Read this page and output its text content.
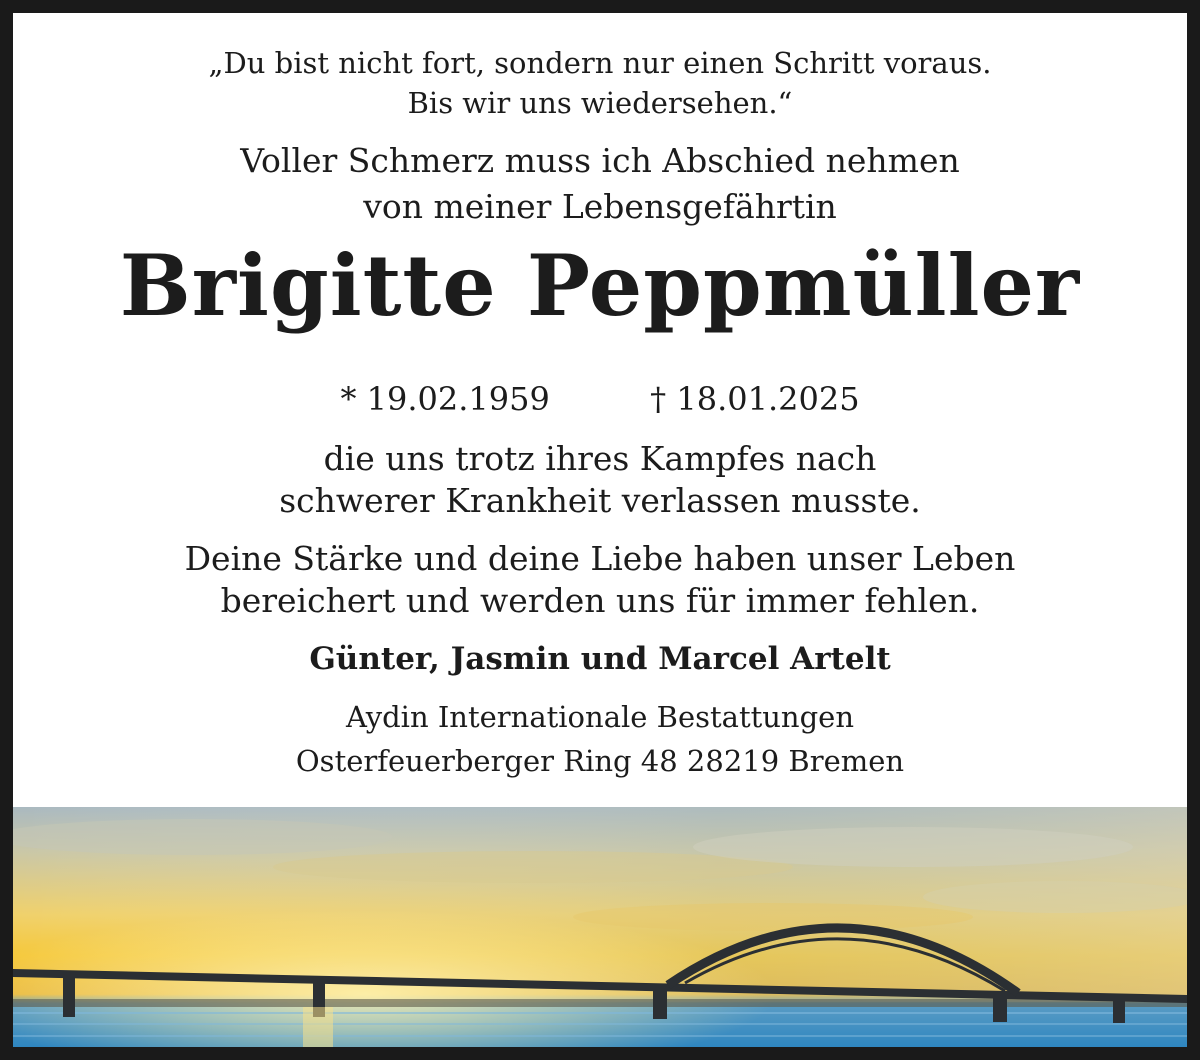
„Du bist nicht fort, sondern nur einen Schritt voraus.
Bis wir uns wiedersehen.“
Voller Schmerz muss ich Abschied nehmen
von meiner Lebensgefährtin
Brigitte Peppmüller
* 19.02.1959	† 18.01.2025
die uns trotz ihres Kampfes nach
schwerer Krankheit verlassen musste.
Deine Stärke und deine Liebe haben unser Leben
bereichert und werden uns für immer fehlen.
Günter, Jasmin und Marcel Artelt
Aydin Internationale Bestattungen
Osterfeuerberger Ring 48 28219 Bremen
